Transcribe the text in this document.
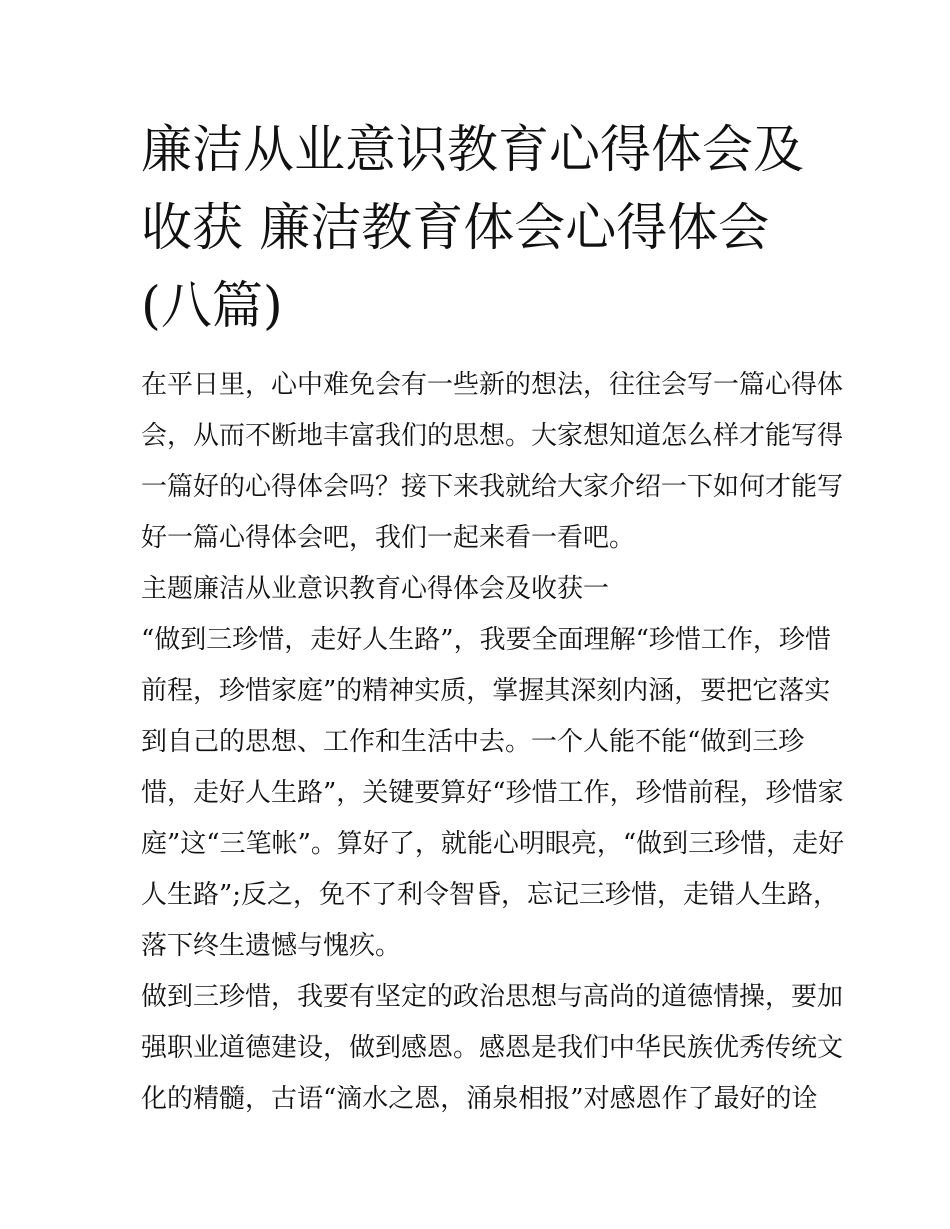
廉洁从业意识教育心得体会及
收获 廉洁教育体会心得体会
(八篇)

在平日里，心中难免会有一些新的想法，往往会写一篇心得体
会，从而不断地丰富我们的思想。大家想知道怎么样才能写得
一篇好的心得体会吗？接下来我就给大家介绍一下如何才能写
好一篇心得体会吧，我们一起来看一看吧。

主题廉洁从业意识教育心得体会及收获一

“做到三珍惜，走好人生路”，我要全面理解“珍惜工作，珍惜
前程，珍惜家庭”的精神实质，掌握其深刻内涵，要把它落实
到自己的思想、工作和生活中去。一个人能不能“做到三珍
惜，走好人生路”，关键要算好“珍惜工作，珍惜前程，珍惜家
庭”这“三笔帐”。算好了，就能心明眼亮，“做到三珍惜，走好
人生路”;反之，免不了利令智昏，忘记三珍惜，走错人生路，
落下终生遗憾与愧疚。

做到三珍惜，我要有坚定的政治思想与高尚的道德情操，要加
强职业道德建设，做到感恩。感恩是我们中华民族优秀传统文
化的精髓，古语“滴水之恩，涌泉相报”对感恩作了最好的诠
